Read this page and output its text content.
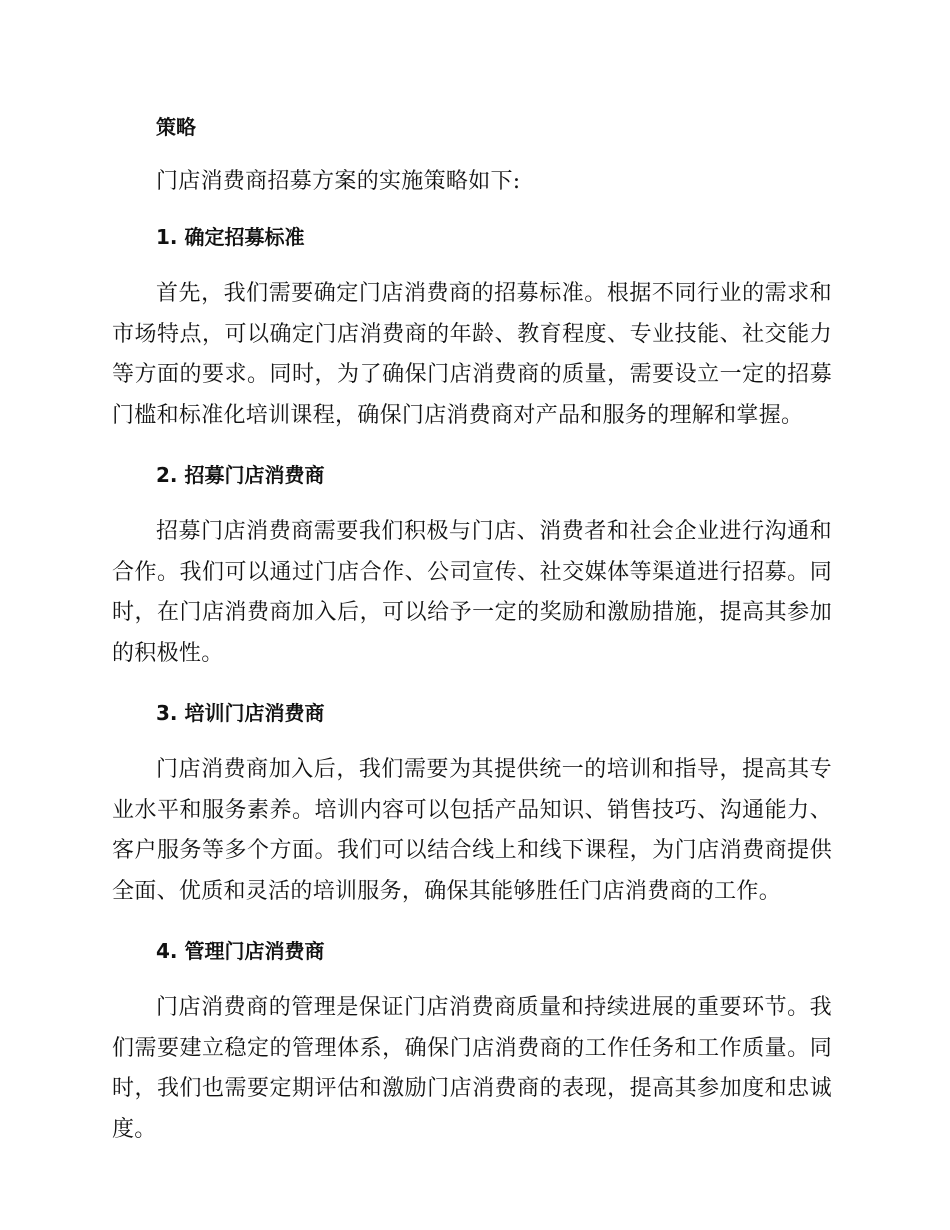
策略

门店消费商招募方案的实施策略如下:

1. 确定招募标准

首先，我们需要确定门店消费商的招募标准。根据不同行业的需求和市场特点，可以确定门店消费商的年龄、教育程度、专业技能、社交能力等方面的要求。同时，为了确保门店消费商的质量，需要设立一定的招募门槛和标准化培训课程，确保门店消费商对产品和服务的理解和掌握。

2. 招募门店消费商

招募门店消费商需要我们积极与门店、消费者和社会企业进行沟通和合作。我们可以通过门店合作、公司宣传、社交媒体等渠道进行招募。同时，在门店消费商加入后，可以给予一定的奖励和激励措施，提高其参加的积极性。

3. 培训门店消费商

门店消费商加入后，我们需要为其提供统一的培训和指导，提高其专业水平和服务素养。培训内容可以包括产品知识、销售技巧、沟通能力、客户服务等多个方面。我们可以结合线上和线下课程，为门店消费商提供全面、优质和灵活的培训服务，确保其能够胜任门店消费商的工作。

4. 管理门店消费商

门店消费商的管理是保证门店消费商质量和持续进展的重要环节。我们需要建立稳定的管理体系，确保门店消费商的工作任务和工作质量。同时，我们也需要定期评估和激励门店消费商的表现，提高其参加度和忠诚度。
